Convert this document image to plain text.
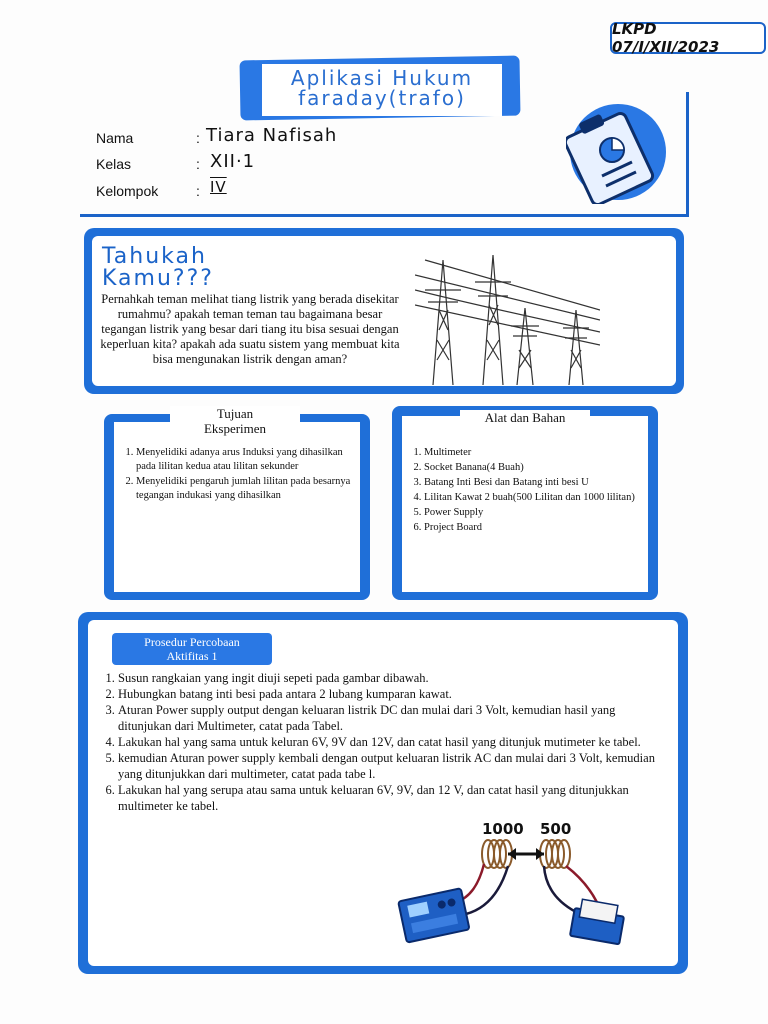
LKPD 07/I/XII/2023
Aplikasi Hukum
faraday(trafo)
Nama	: Tiara Nafisah
Kelas	: XII·1
Kelompok	: IV
Tahukah
Kamu???
Pernahkah teman melihat tiang listrik yang berada disekitar rumahmu? apakah teman teman tau bagaimana besar tegangan listrik yang besar dari tiang itu bisa sesuai dengan keperluan kita? apakah ada suatu sistem yang membuat kita bisa mengunakan listrik dengan aman?
Tujuan
Eksperimen
1. Menyelidiki adanya arus Induksi yang dihasilkan pada lilitan kedua atau lilitan sekunder
2. Menyelidiki pengaruh jumlah lilitan pada besarnya tegangan indukasi yang dihasilkan
Alat dan Bahan
1. Multimeter
2. Socket Banana(4 Buah)
3. Batang Inti Besi dan Batang inti besi U
4. Lilitan Kawat 2 buah(500 Lilitan dan 1000 lilitan)
5. Power Supply
6. Project Board
Prosedur Percobaan
Aktifitas 1
1. Susun rangkaian yang ingit diuji sepeti pada gambar dibawah.
2. Hubungkan batang inti besi pada antara 2 lubang kumparan kawat.
3. Aturan Power supply output dengan keluaran listrik DC dan mulai dari 3 Volt, kemudian hasil yang ditunjukan dari Multimeter, catat pada Tabel.
4. Lakukan hal yang sama untuk keluran 6V, 9V dan 12V, dan catat hasil yang ditunjuk mutimeter ke tabel.
5. kemudian Aturan power supply kembali dengan output keluaran listrik AC dan mulai dari 3 Volt, kemudian yang ditunjukkan dari multimeter, catat pada tabe l.
6. Lakukan hal yang serupa atau sama untuk keluaran 6V, 9V, dan 12 V, dan catat hasil yang ditunjukkan multimeter ke tabel.
1000 500
